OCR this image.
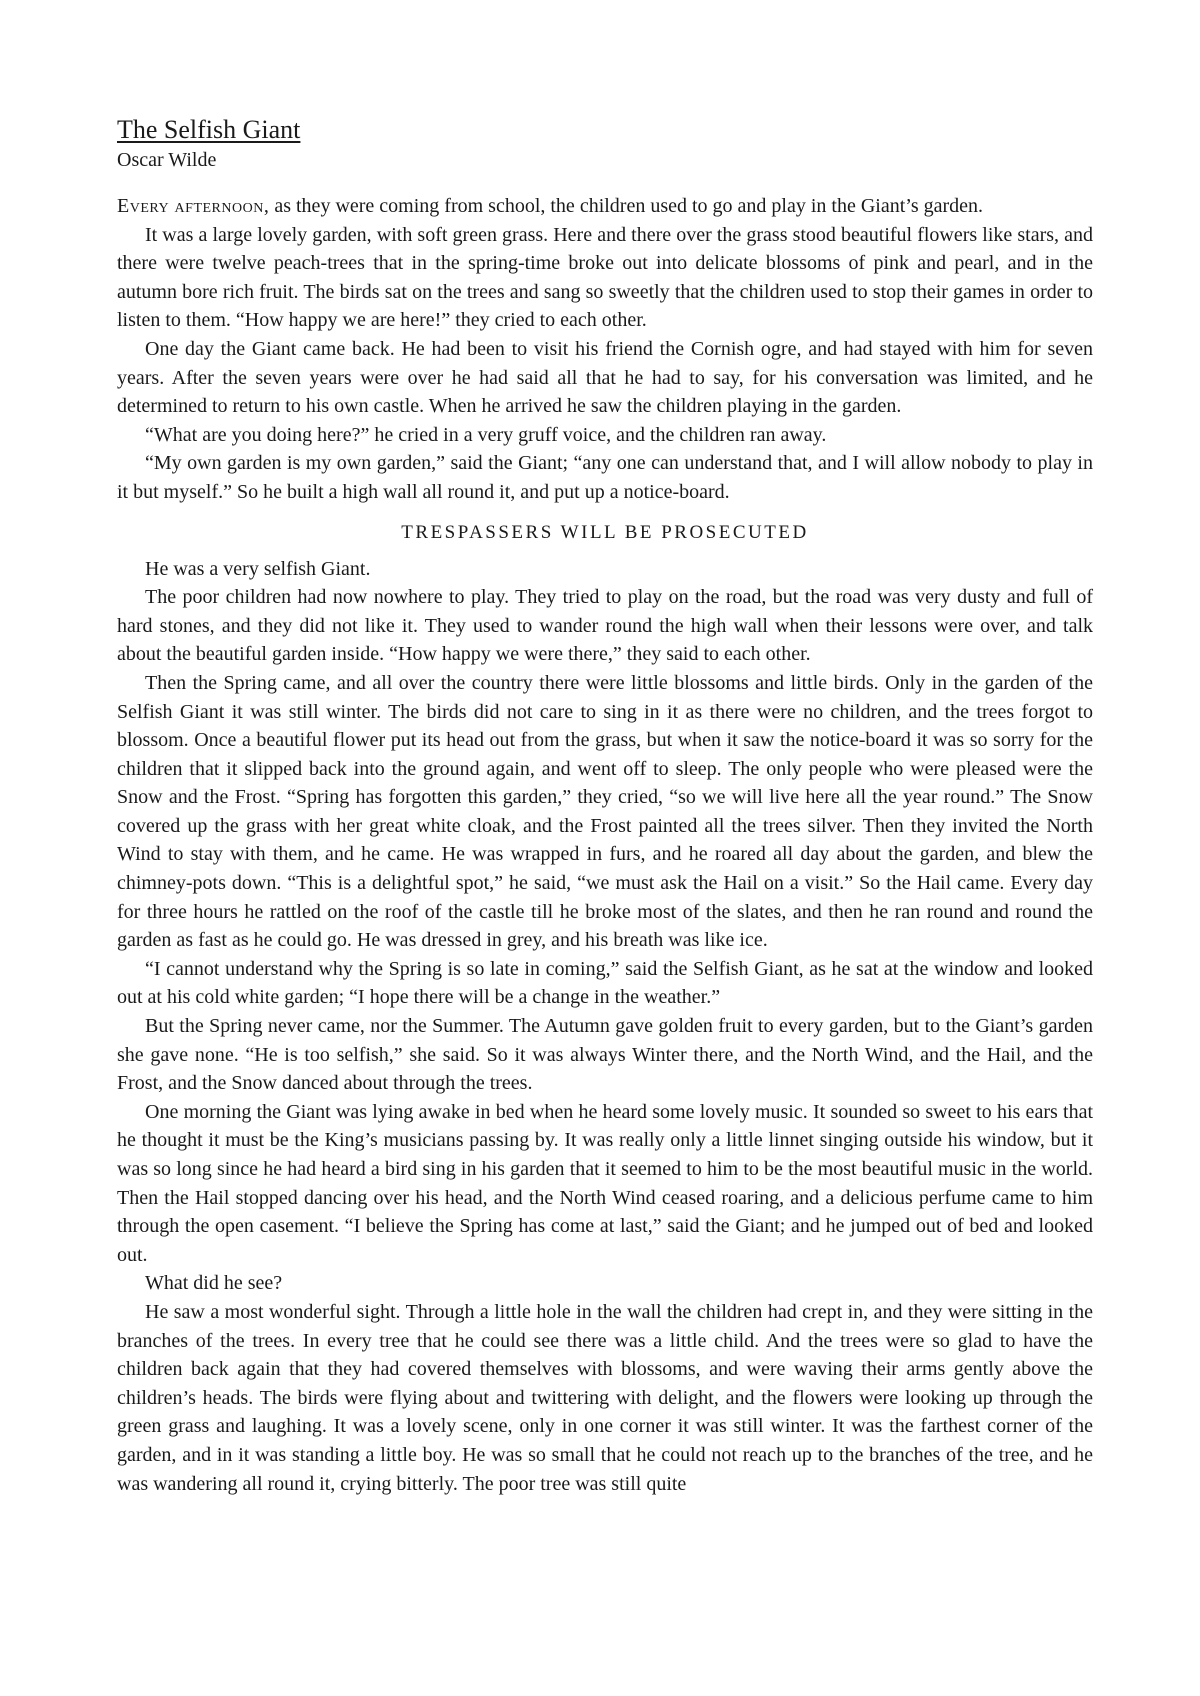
The Selfish Giant
Oscar Wilde

Every afternoon, as they were coming from school, the children used to go and play in the Giant’s garden.

It was a large lovely garden, with soft green grass. Here and there over the grass stood beautiful flowers like stars, and there were twelve peach-trees that in the spring-time broke out into delicate blossoms of pink and pearl, and in the autumn bore rich fruit. The birds sat on the trees and sang so sweetly that the children used to stop their games in order to listen to them. “How happy we are here!” they cried to each other.

One day the Giant came back. He had been to visit his friend the Cornish ogre, and had stayed with him for seven years. After the seven years were over he had said all that he had to say, for his conversation was limited, and he determined to return to his own castle. When he arrived he saw the children playing in the garden.

“What are you doing here?” he cried in a very gruff voice, and the children ran away.

“My own garden is my own garden,” said the Giant; “any one can understand that, and I will allow nobody to play in it but myself.” So he built a high wall all round it, and put up a notice-board.

TRESPASSERS WILL BE PROSECUTED

He was a very selfish Giant.

The poor children had now nowhere to play. They tried to play on the road, but the road was very dusty and full of hard stones, and they did not like it. They used to wander round the high wall when their lessons were over, and talk about the beautiful garden inside. “How happy we were there,” they said to each other.

Then the Spring came, and all over the country there were little blossoms and little birds. Only in the garden of the Selfish Giant it was still winter. The birds did not care to sing in it as there were no children, and the trees forgot to blossom. Once a beautiful flower put its head out from the grass, but when it saw the notice-board it was so sorry for the children that it slipped back into the ground again, and went off to sleep. The only people who were pleased were the Snow and the Frost. “Spring has forgotten this garden,” they cried, “so we will live here all the year round.” The Snow covered up the grass with her great white cloak, and the Frost painted all the trees silver. Then they invited the North Wind to stay with them, and he came. He was wrapped in furs, and he roared all day about the garden, and blew the chimney-pots down. “This is a delightful spot,” he said, “we must ask the Hail on a visit.” So the Hail came. Every day for three hours he rattled on the roof of the castle till he broke most of the slates, and then he ran round and round the garden as fast as he could go. He was dressed in grey, and his breath was like ice.

“I cannot understand why the Spring is so late in coming,” said the Selfish Giant, as he sat at the window and looked out at his cold white garden; “I hope there will be a change in the weather.”

But the Spring never came, nor the Summer. The Autumn gave golden fruit to every garden, but to the Giant’s garden she gave none. “He is too selfish,” she said. So it was always Winter there, and the North Wind, and the Hail, and the Frost, and the Snow danced about through the trees.

One morning the Giant was lying awake in bed when he heard some lovely music. It sounded so sweet to his ears that he thought it must be the King’s musicians passing by. It was really only a little linnet singing outside his window, but it was so long since he had heard a bird sing in his garden that it seemed to him to be the most beautiful music in the world. Then the Hail stopped dancing over his head, and the North Wind ceased roaring, and a delicious perfume came to him through the open casement. “I believe the Spring has come at last,” said the Giant; and he jumped out of bed and looked out.

What did he see?

He saw a most wonderful sight. Through a little hole in the wall the children had crept in, and they were sitting in the branches of the trees. In every tree that he could see there was a little child. And the trees were so glad to have the children back again that they had covered themselves with blossoms, and were waving their arms gently above the children’s heads. The birds were flying about and twittering with delight, and the flowers were looking up through the green grass and laughing. It was a lovely scene, only in one corner it was still winter. It was the farthest corner of the garden, and in it was standing a little boy. He was so small that he could not reach up to the branches of the tree, and he was wandering all round it, crying bitterly. The poor tree was still quite
